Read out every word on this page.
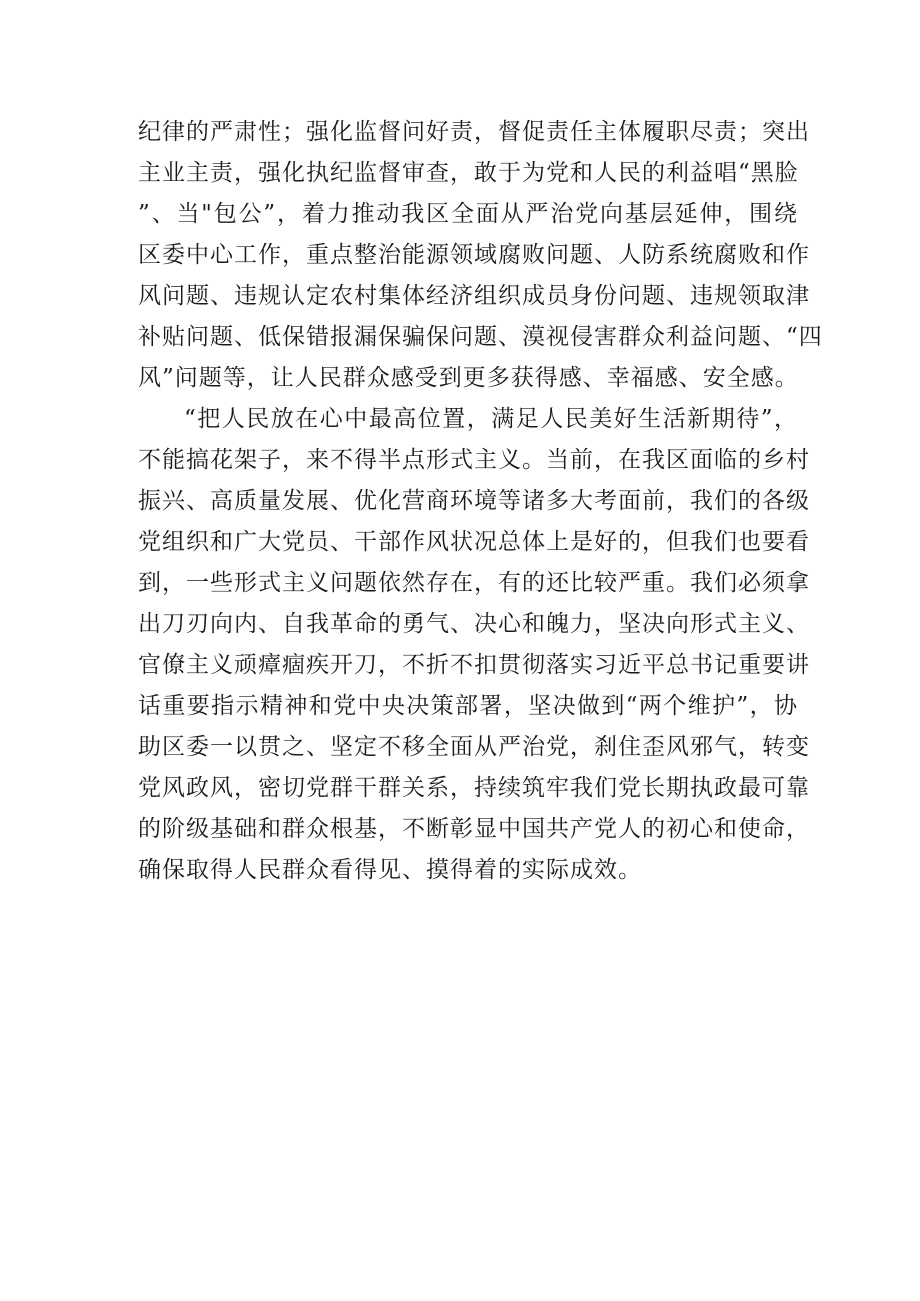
纪律的严肃性；强化监督问好责，督促责任主体履职尽责；突出
主业主责，强化执纪监督审查，敢于为党和人民的利益唱“黑脸
”、当"包公”，着力推动我区全面从严治党向基层延伸，围绕
区委中心工作，重点整治能源领域腐败问题、人防系统腐败和作
风问题、违规认定农村集体经济组织成员身份问题、违规领取津
补贴问题、低保错报漏保骗保问题、漠视侵害群众利益问题、“四
风”问题等，让人民群众感受到更多获得感、幸福感、安全感。
“把人民放在心中最高位置，满足人民美好生活新期待”，
不能搞花架子，来不得半点形式主义。当前，在我区面临的乡村
振兴、高质量发展、优化营商环境等诸多大考面前，我们的各级
党组织和广大党员、干部作风状况总体上是好的，但我们也要看
到，一些形式主义问题依然存在，有的还比较严重。我们必须拿
出刀刃向内、自我革命的勇气、决心和魄力，坚决向形式主义、
官僚主义顽瘴痼疾开刀，不折不扣贯彻落实习近平总书记重要讲
话重要指示精神和党中央决策部署，坚决做到“两个维护”，协
助区委一以贯之、坚定不移全面从严治党，刹住歪风邪气，转变
党风政风，密切党群干群关系，持续筑牢我们党长期执政最可靠
的阶级基础和群众根基，不断彰显中国共产党人的初心和使命，
确保取得人民群众看得见、摸得着的实际成效。
